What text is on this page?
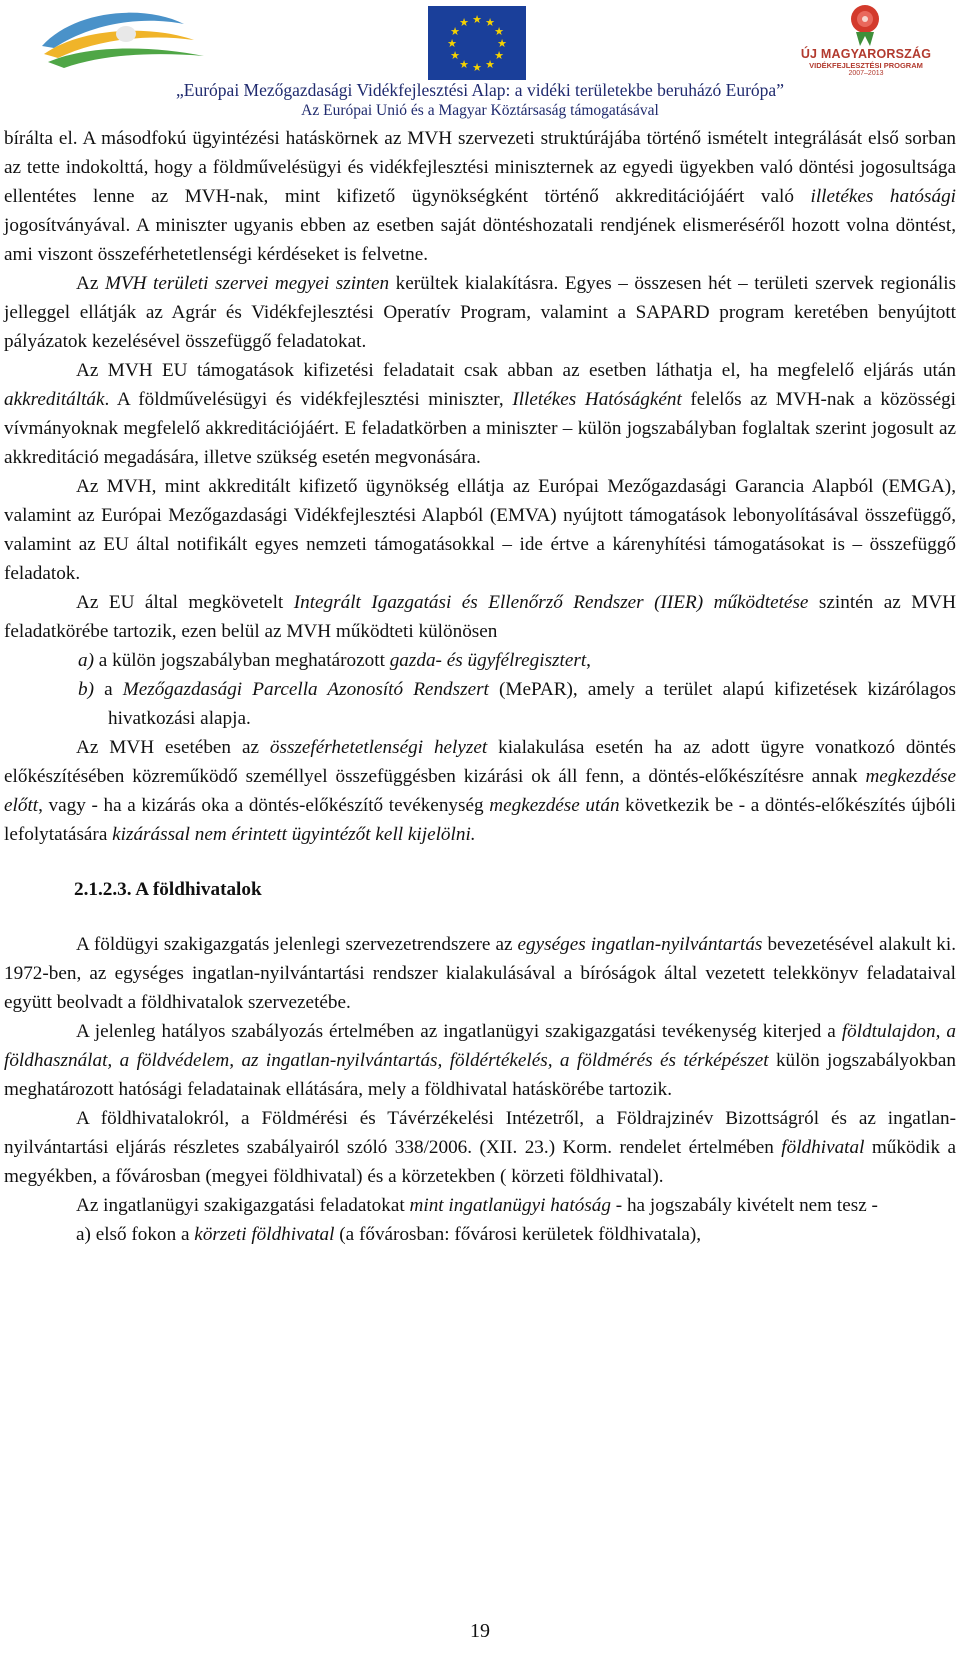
★ ★
★
★
★
★
★
★
★
★
★
★
ÚJ MAGYARORSZÁG
VIDÉKFEJLESZTÉSI PROGRAM
2007–2013
„Európai Mezőgazdasági Vidékfejlesztési Alap: a vidéki területekbe beruházó Európa”
Az Európai Unió és a Magyar Köztársaság támogatásával

bírálta el. A másodfokú ügyintézési hatáskörnek az MVH szervezeti struktúrájába történő ismételt integrálását első sorban az tette indokolttá, hogy a földművelésügyi és vidékfejlesztési miniszternek az egyedi ügyekben való döntési jogosultsága ellentétes lenne az MVH-nak, mint kifizető ügynökségként történő akkreditációjáért való illetékes hatósági jogosítványával. A miniszter ugyanis ebben az esetben saját döntéshozatali rendjének elismeréséről hozott volna döntést, ami viszont összeférhetetlenségi kérdéseket is felvetne.

Az MVH területi szervei megyei szinten kerültek kialakításra. Egyes – összesen hét – területi szervek regionális jelleggel ellátják az Agrár és Vidékfejlesztési Operatív Program, valamint a SAPARD program keretében benyújtott pályázatok kezelésével összefüggő feladatokat.

Az MVH EU támogatások kifizetési feladatait csak abban az esetben láthatja el, ha megfelelő eljárás után akkreditálták. A földművelésügyi és vidékfejlesztési miniszter, Illetékes Hatóságként felelős az MVH-nak a közösségi vívmányoknak megfelelő akkreditációjáért. E feladatkörben a miniszter – külön jogszabályban foglaltak szerint jogosult az akkreditáció megadására, illetve szükség esetén megvonására.

Az MVH, mint akkreditált kifizető ügynökség ellátja az Európai Mezőgazdasági Garancia Alapból (EMGA), valamint az Európai Mezőgazdasági Vidékfejlesztési Alapból (EMVA) nyújtott támogatások lebonyolításával összefüggő, valamint az EU által notifikált egyes nemzeti támogatásokkal – ide értve a kárenyhítési támogatásokat is – összefüggő feladatok.

Az EU által megkövetelt Integrált Igazgatási és Ellenőrző Rendszer (IIER) működtetése szintén az MVH feladatkörébe tartozik, ezen belül az MVH működteti különösen

a) a külön jogszabályban meghatározott gazda- és ügyfélregisztert,

b) a Mezőgazdasági Parcella Azonosító Rendszert (MePAR), amely a terület alapú kifizetések kizárólagos hivatkozási alapja.

Az MVH esetében az összeférhetetlenségi helyzet kialakulása esetén ha az adott ügyre vonatkozó döntés előkészítésében közreműködő személlyel összefüggésben kizárási ok áll fenn, a döntés-előkészítésre annak megkezdése előtt, vagy - ha a kizárás oka a döntés-előkészítő tevékenység megkezdése után következik be - a döntés-előkészítés újbóli lefolytatására kizárással nem érintett ügyintézőt kell kijelölni.

2.1.2.3. A földhivatalok

A földügyi szakigazgatás jelenlegi szervezetrendszere az egységes ingatlan-nyilvántartás bevezetésével alakult ki. 1972-ben, az egységes ingatlan-nyilvántartási rendszer kialakulásával a bíróságok által vezetett telekkönyv feladataival együtt beolvadt a földhivatalok szervezetébe.

A jelenleg hatályos szabályozás értelmében az ingatlanügyi szakigazgatási tevékenység kiterjed a földtulajdon, a földhasználat, a földvédelem, az ingatlan-nyilvántartás, földértékelés, a földmérés és térképészet külön jogszabályokban meghatározott hatósági feladatainak ellátására, mely a földhivatal hatáskörébe tartozik.

A földhivatalokról, a Földmérési és Távérzékelési Intézetről, a Földrajzinév Bizottságról és az ingatlan-nyilvántartási eljárás részletes szabályairól szóló 338/2006. (XII. 23.) Korm. rendelet értelmében földhivatal működik a megyékben, a fővárosban (megyei földhivatal) és a körzetekben ( körzeti földhivatal).

Az ingatlanügyi szakigazgatási feladatokat mint ingatlanügyi hatóság - ha jogszabály kivételt nem tesz -

a) első fokon a körzeti földhivatal (a fővárosban: fővárosi kerületek földhivatala),

19
